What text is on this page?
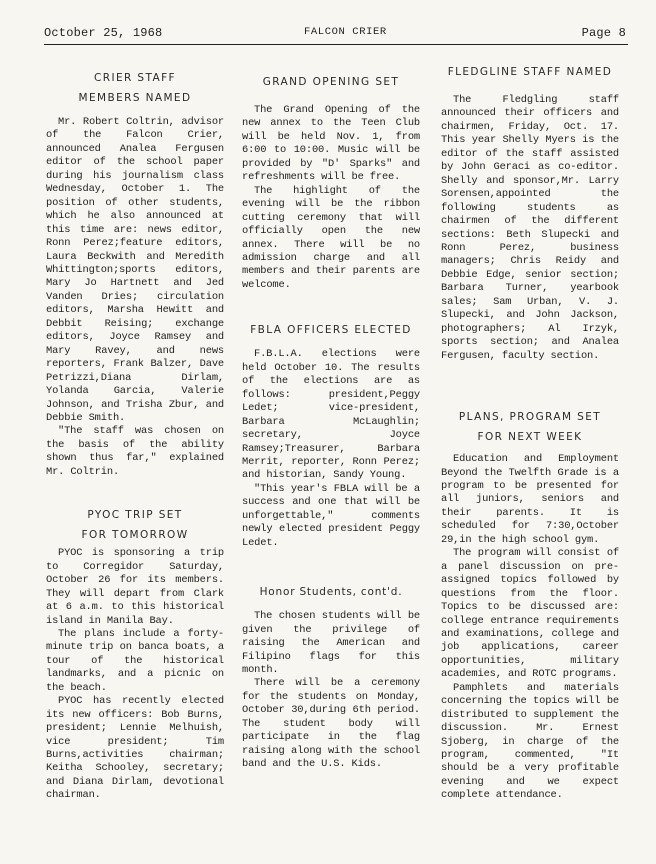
October 25, 1968	FALCON CRIER	Page 8
CRIER STAFF
MEMBERS NAMED

Mr. Robert Coltrin, advisor of the Falcon Crier, announced Analea Fergusen editor of the school paper during his journalism class Wednesday, October 1. The position of other students, which he also announced at this time are: news editor, Ronn Perez;feature editors, Laura Beckwith and Meredith Whittington;sports editors, Mary Jo Hartnett and Jed Vanden Dries; circulation editors, Marsha Hewitt and Debbit Reising; exchange editors, Joyce Ramsey and Mary Ravey, and news reporters, Frank Balzer, Dave Petrizzi,Diana Dirlam, Yolanda Garcia, Valerie Johnson, and Trisha Zbur, and Debbie Smith.

"The staff was chosen on the basis of the ability shown thus far," explained Mr. Coltrin.

PYOC TRIP SET
FOR TOMORROW

PYOC is sponsoring a trip to Corregidor Saturday, October 26 for its members. They will depart from Clark at 6 a.m. to this historical island in Manila Bay.

The plans include a forty-minute trip on banca boats, a tour of the historical landmarks, and a picnic on the beach.

PYOC has recently elected its new officers: Bob Burns, president; Lennie Melhuish, vice president; Tim Burns,activities chairman; Keitha Schooley, secretary; and Diana Dirlam, devotional chairman.

GRAND OPENING SET

The Grand Opening of the new annex to the Teen Club will be held Nov. 1, from 6:00 to 10:00. Music will be provided by "D' Sparks" and refreshments will be free.

The highlight of the evening will be the ribbon cutting ceremony that will officially open the new annex. There will be no admission charge and all members and their parents are welcome.

FBLA OFFICERS ELECTED

F.B.L.A. elections were held October 10. The results of the elections are as follows: president,Peggy Ledet; vice-president, Barbara McLaughlin; secretary, Joyce Ramsey;Treasurer, Barbara Merrit, reporter, Ronn Perez; and historian, Sandy Young.

"This year's FBLA will be a success and one that will be unforgettable," comments newly elected president Peggy Ledet.

Honor Students, cont'd.

The chosen students will be given the privilege of raising the American and Filipino flags for this month.

There will be a ceremony for the students on Monday, October 30,during 6th period. The student body will participate in the flag raising along with the school band and the U.S. Kids.

FLEDGLINE STAFF NAMED

The Fledgling staff announced their officers and chairmen, Friday, Oct. 17. This year Shelly Myers is the editor of the staff assisted by John Geraci as co-editor. Shelly and sponsor,Mr. Larry Sorensen,appointed the following students as chairmen of the different sections: Beth Slupecki and Ronn Perez, business managers; Chris Reidy and Debbie Edge, senior section; Barbara Turner, yearbook sales; Sam Urban, V. J. Slupecki, and John Jackson, photographers; Al Irzyk, sports section; and Analea Fergusen, faculty section.

PLANS, PROGRAM SET
FOR NEXT WEEK

Education and Employment Beyond the Twelfth Grade is a program to be presented for all juniors, seniors and their parents. It is scheduled for 7:30,October 29,in the high school gym.

The program will consist of a panel discussion on pre-assigned topics followed by questions from the floor. Topics to be discussed are: college entrance requirements and examinations, college and job applications, career opportunities, military academies, and ROTC programs.

Pamphlets and materials concerning the topics will be distributed to supplement the discussion. Mr. Ernest Sjoberg, in charge of the program, commented, "It should be a very profitable evening and we expect complete attendance.
